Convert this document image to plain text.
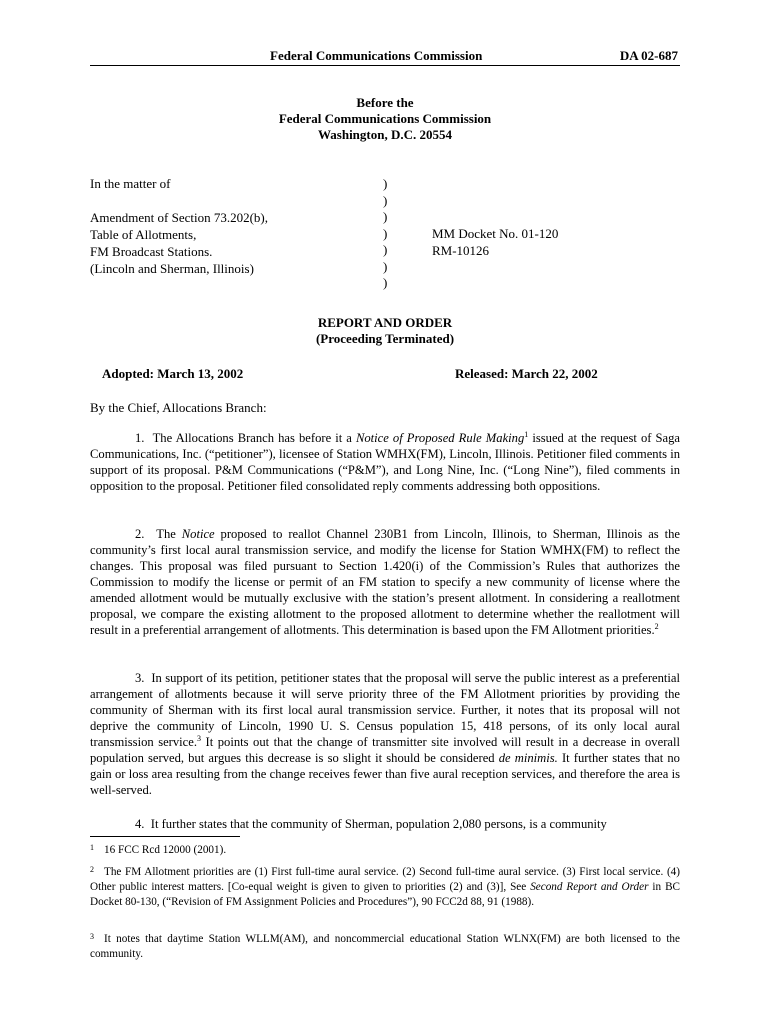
Federal Communications Commission	DA 02-687
Before the
Federal Communications Commission
Washington, D.C. 20554
In the matter of
Amendment of Section 73.202(b),
Table of Allotments,
FM Broadcast Stations.
(Lincoln and Sherman, Illinois)
)
)
)
)
)
)
)
MM Docket No. 01-120
RM-10126
REPORT AND ORDER
(Proceeding Terminated)
Adopted: March 13, 2002	Released: March 22, 2002
By the Chief, Allocations Branch:
1. The Allocations Branch has before it a Notice of Proposed Rule Making$^1$ issued at the request of Saga Communications, Inc. (“petitioner”), licensee of Station WMHX(FM), Lincoln, Illinois. Petitioner filed comments in support of its proposal. P&M Communications (“P&M”), and Long Nine, Inc. (“Long Nine”), filed comments in opposition to the proposal. Petitioner filed consolidated reply comments addressing both oppositions.
2. The Notice proposed to reallot Channel 230B1 from Lincoln, Illinois, to Sherman, Illinois as the community’s first local aural transmission service, and modify the license for Station WMHX(FM) to reflect the changes. This proposal was filed pursuant to Section 1.420(i) of the Commission’s Rules that authorizes the Commission to modify the license or permit of an FM station to specify a new community of license where the amended allotment would be mutually exclusive with the station’s present allotment. In considering a reallotment proposal, we compare the existing allotment to the proposed allotment to determine whether the reallotment will result in a preferential arrangement of allotments. This determination is based upon the FM Allotment priorities.$^2$
3. In support of its petition, petitioner states that the proposal will serve the public interest as a preferential arrangement of allotments because it will serve priority three of the FM Allotment priorities by providing the community of Sherman with its first local aural transmission service. Further, it notes that its proposal will not deprive the community of Lincoln, 1990 U. S. Census population 15, 418 persons, of its only local aural transmission service.$^3$ It points out that the change of transmitter site involved will result in a decrease in overall population served, but argues this decrease is so slight it should be considered de minimis. It further states that no gain or loss area resulting from the change receives fewer than five aural reception services, and therefore the area is well-served.
4. It further states that the community of Sherman, population 2,080 persons, is a community
1 16 FCC Rcd 12000 (2001).
2 The FM Allotment priorities are (1) First full-time aural service. (2) Second full-time aural service. (3) First local service. (4) Other public interest matters. [Co-equal weight is given to given to priorities (2) and (3)], See Second Report and Order in BC Docket 80-130, (“Revision of FM Assignment Policies and Procedures”), 90 FCC2d 88, 91 (1988).
3 It notes that daytime Station WLLM(AM), and noncommercial educational Station WLNX(FM) are both licensed to the community.
